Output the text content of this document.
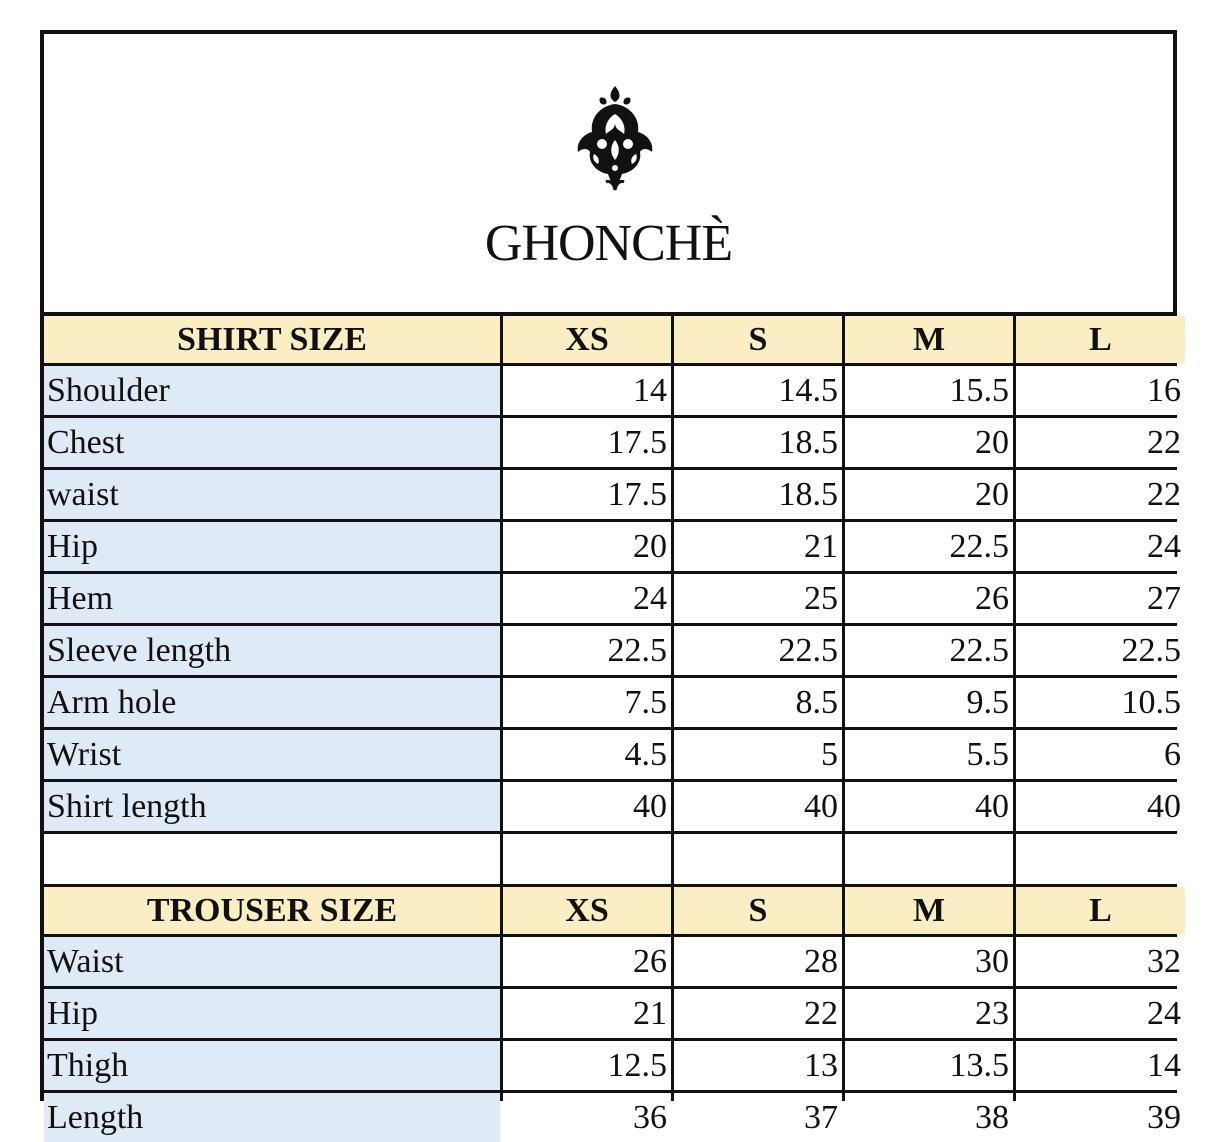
GHONCHÈ
SHIRT SIZE	XS	S	M	L
Shoulder	14	14.5	15.5	16
Chest	17.5	18.5	20	22
waist	17.5	18.5	20	22
Hip	20	21	22.5	24
Hem	24	25	26	27
Sleeve length	22.5	22.5	22.5	22.5
Arm hole	7.5	8.5	9.5	10.5
Wrist	4.5	5	5.5	6
Shirt length	40	40	40	40
TROUSER SIZE	XS	S	M	L
Waist	26	28	30	32
Hip	21	22	23	24
Thigh	12.5	13	13.5	14
Length	36	37	38	39
